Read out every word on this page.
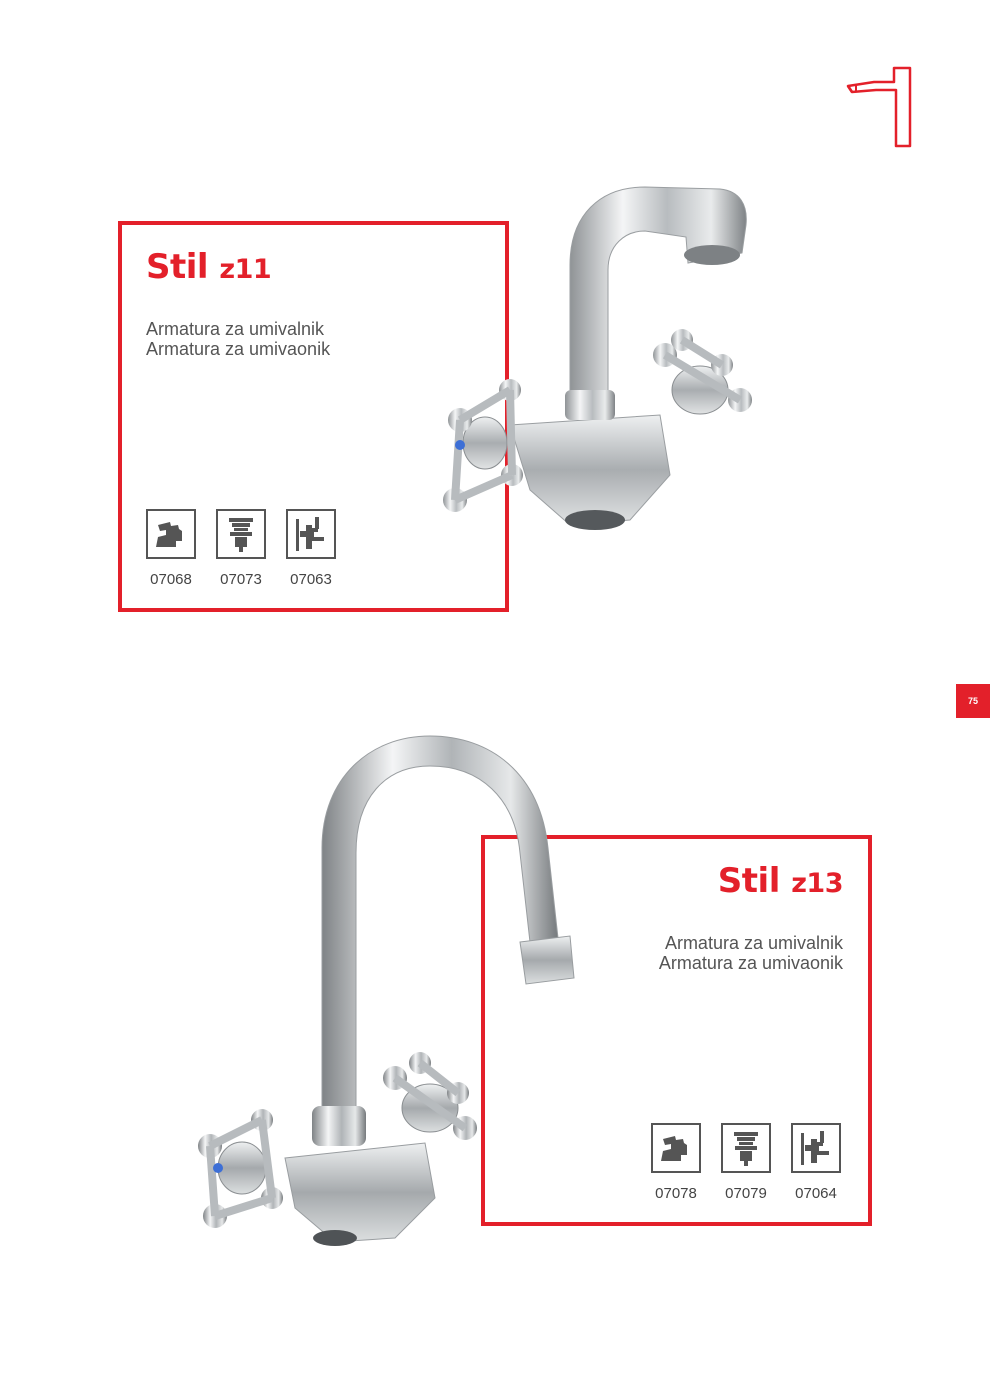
Stil z11
Armatura za umivalnik
Armatura za umivaonik
07068	07073	07063
75
Stil z13
Armatura za umivalnik
Armatura za umivaonik
07078	07079	07064
